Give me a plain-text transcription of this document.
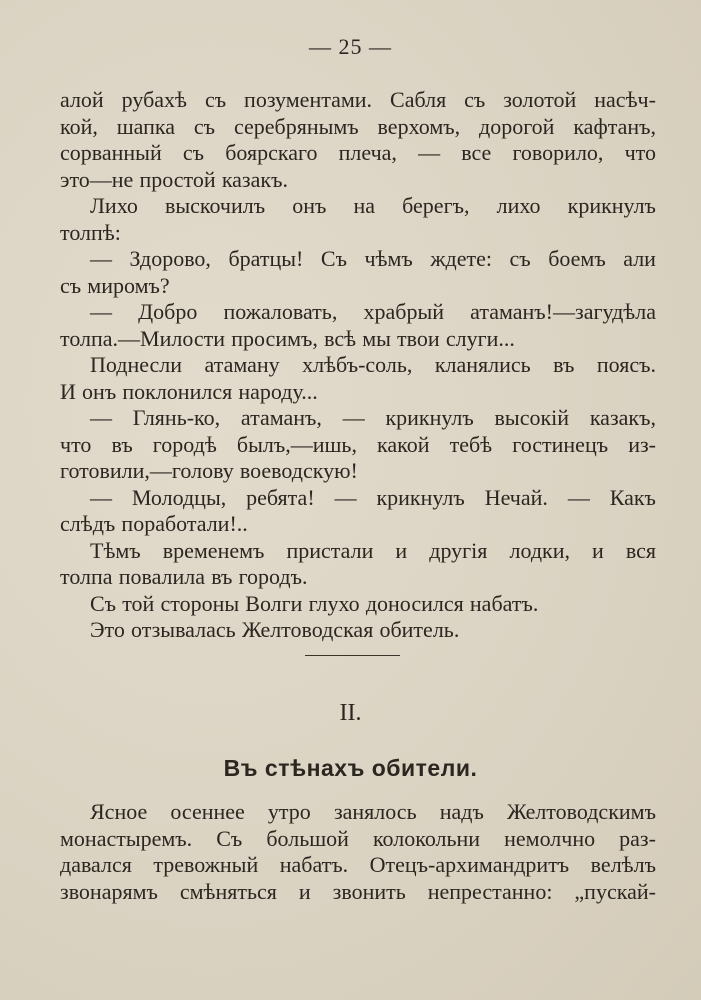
— 25 —
алой рубахѣ съ позументами. Сабля съ золотой насѣч-
кой, шапка съ серебрянымъ верхомъ, дорогой кафтанъ,
сорванный съ боярскаго плеча, — все говорило, что
это—не простой казакъ.
Лихо выскочилъ онъ на берегъ, лихо крикнулъ
толпѣ:
— Здорово, братцы! Съ чѣмъ ждете: съ боемъ али
съ миромъ?
— Добро пожаловать, храбрый атаманъ!—загудѣла
толпа.—Милости просимъ, всѣ мы твои слуги...
Поднесли атаману хлѣбъ-соль, кланялись въ поясъ.
И онъ поклонился народу...
— Глянь-ко, атаманъ, — крикнулъ высокій казакъ,
что въ городѣ былъ,—ишь, какой тебѣ гостинецъ из-
готовили,—голову воеводскую!
— Молодцы, ребята! — крикнулъ Нечай. — Какъ
слѣдъ поработали!..
Тѣмъ временемъ пристали и другія лодки, и вся
толпа повалила въ городъ.
Съ той стороны Волги глухо доносился набатъ.
Это отзывалась Желтоводская обитель.
II.
Въ стѣнахъ обители.
Ясное осеннее утро занялось надъ Желтоводскимъ
монастыремъ. Съ большой колокольни немолчно раз-
давался тревожный набатъ. Отецъ-архимандритъ велѣлъ
звонарямъ смѣняться и звонить непрестанно: „пускай-
